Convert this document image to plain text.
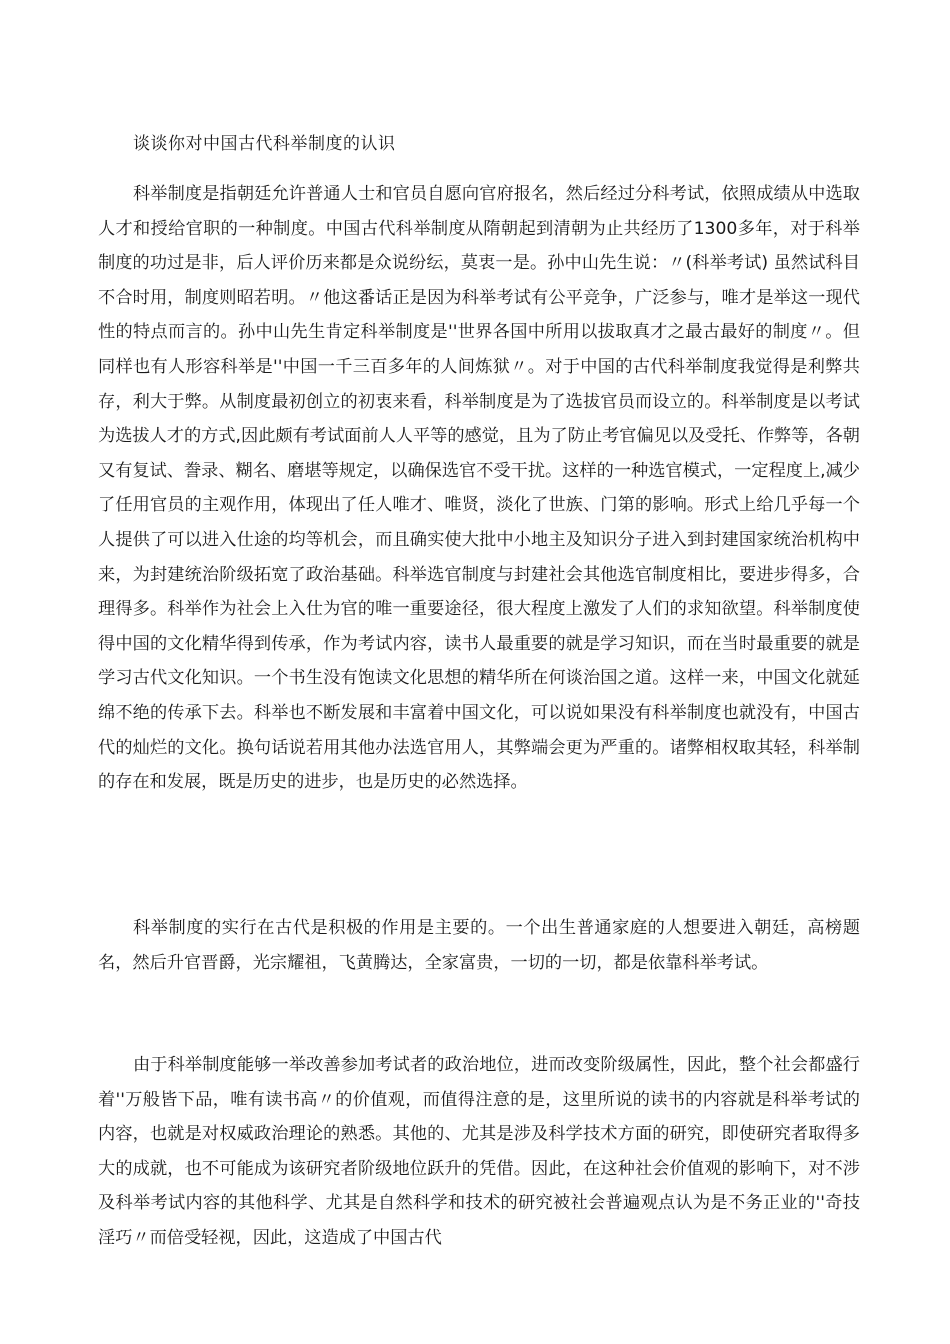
谈谈你对中国古代科举制度的认识

科举制度是指朝廷允许普通人士和官员自愿向官府报名，然后经过分科考试，依照成绩从中选取人才和授给官职的一种制度。中国古代科举制度从隋朝起到清朝为止共经历了1300多年，对于科举制度的功过是非，后人评价历来都是众说纷纭，莫衷一是。孙中山先生说：〃(科举考试) 虽然试科目不合时用，制度则昭若明。〃他这番话正是因为科举考试有公平竞争，广泛参与，唯才是举这一现代性的特点而言的。孙中山先生肯定科举制度是''世界各国中所用以拔取真才之最古最好的制度〃。但同样也有人形容科举是''中国一千三百多年的人间炼狱〃。对于中国的古代科举制度我觉得是利弊共存，利大于弊。从制度最初创立的初衷来看，科举制度是为了选拔官员而设立的。科举制度是以考试为选拔人才的方式,因此颇有考试面前人人平等的感觉，且为了防止考官偏见以及受托、作弊等，各朝又有复试、誊录、糊名、磨堪等规定，以确保选官不受干扰。这样的一种选官模式，一定程度上,减少了任用官员的主观作用，体现出了任人唯才、唯贤，淡化了世族、门第的影响。形式上给几乎每一个人提供了可以进入仕途的均等机会，而且确实使大批中小地主及知识分子进入到封建国家统治机构中来，为封建统治阶级拓宽了政治基础。科举选官制度与封建社会其他选官制度相比，要进步得多，合理得多。科举作为社会上入仕为官的唯一重要途径，很大程度上激发了人们的求知欲望。科举制度使得中国的文化精华得到传承，作为考试内容，读书人最重要的就是学习知识，而在当时最重要的就是学习古代文化知识。一个书生没有饱读文化思想的精华所在何谈治国之道。这样一来，中国文化就延绵不绝的传承下去。科举也不断发展和丰富着中国文化，可以说如果没有科举制度也就没有，中国古代的灿烂的文化。换句话说若用其他办法选官用人，其弊端会更为严重的。诸弊相权取其轻，科举制的存在和发展，既是历史的进步，也是历史的必然选择。

科举制度的实行在古代是积极的作用是主要的。一个出生普通家庭的人想要进入朝廷，高榜题名，然后升官晋爵，光宗耀祖，飞黄腾达，全家富贵，一切的一切，都是依靠科举考试。

由于科举制度能够一举改善参加考试者的政治地位，进而改变阶级属性，因此，整个社会都盛行着''万般皆下品，唯有读书高〃的价值观，而值得注意的是，这里所说的读书的内容就是科举考试的内容，也就是对权威政治理论的熟悉。其他的、尤其是涉及科学技术方面的研究，即使研究者取得多大的成就，也不可能成为该研究者阶级地位跃升的凭借。因此，在这种社会价值观的影响下，对不涉及科举考试内容的其他科学、尤其是自然科学和技术的研究被社会普遍观点认为是不务正业的''奇技淫巧〃而倍受轻视，因此，这造成了中国古代
